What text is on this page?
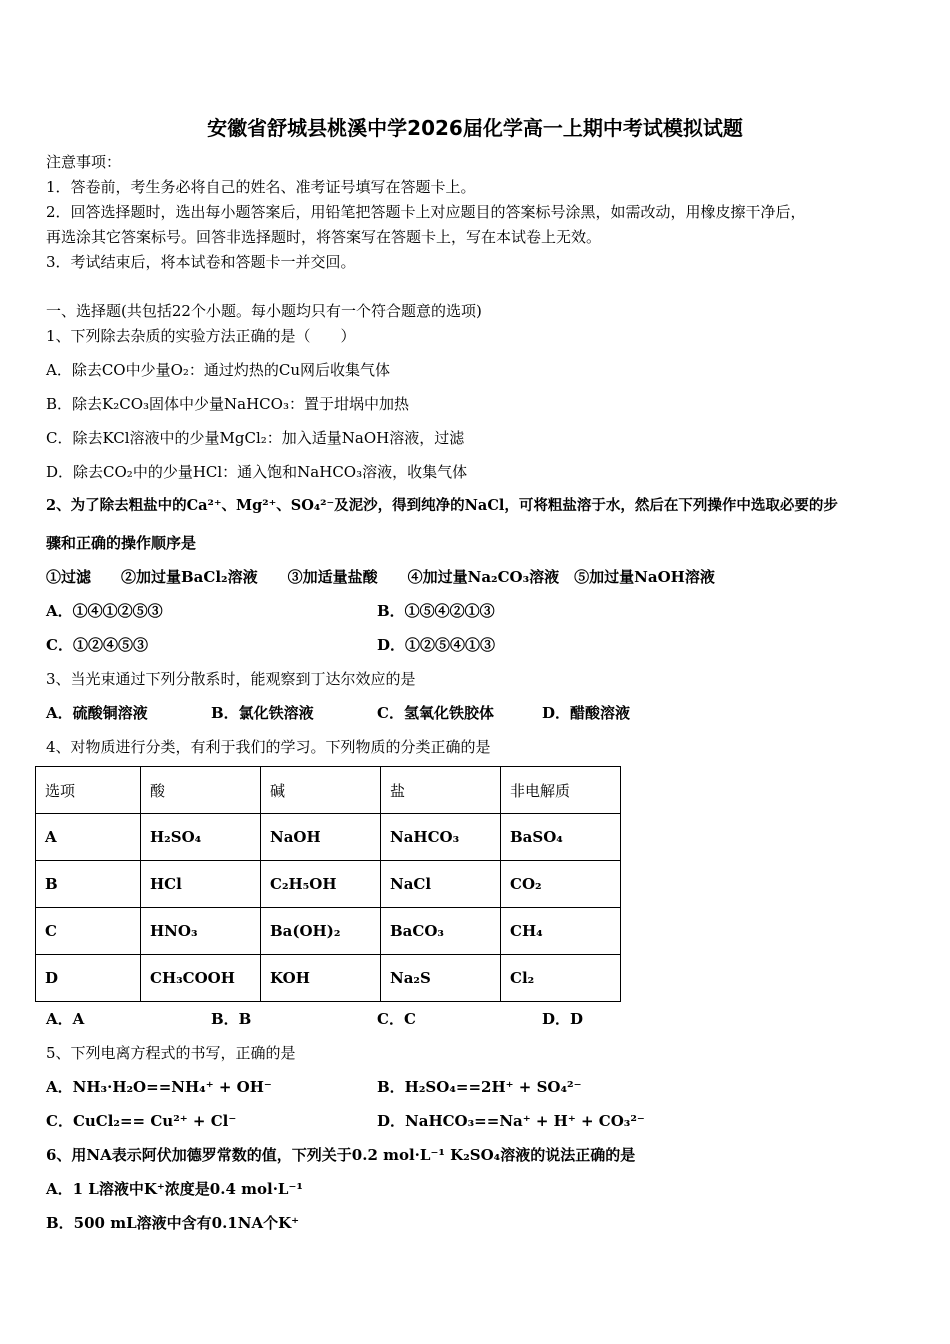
安徽省舒城县桃溪中学2026届化学高一上期中考试模拟试题
注意事项：
1．答卷前，考生务必将自己的姓名、准考证号填写在答题卡上。
2．回答选择题时，选出每小题答案后，用铅笔把答题卡上对应题目的答案标号涂黑，如需改动，用橡皮擦干净后，
再选涂其它答案标号。回答非选择题时，将答案写在答题卡上，写在本试卷上无效。
3．考试结束后，将本试卷和答题卡一并交回。
一、选择题(共包括22个小题。每小题均只有一个符合题意的选项)
1、下列除去杂质的实验方法正确的是（　　）
A．除去CO中少量O₂：通过灼热的Cu网后收集气体
B．除去K₂CO₃固体中少量NaHCO₃：置于坩埚中加热
C．除去KCl溶液中的少量MgCl₂：加入适量NaOH溶液，过滤
D．除去CO₂中的少量HCl：通入饱和NaHCO₃溶液，收集气体
2、为了除去粗盐中的Ca²⁺、Mg²⁺、SO₄²⁻及泥沙，得到纯净的NaCl，可将粗盐溶于水，然后在下列操作中选取必要的步
骤和正确的操作顺序是
①过滤　　②加过量BaCl₂溶液　　③加适量盐酸　　④加过量Na₂CO₃溶液　⑤加过量NaOH溶液
A．①④①②⑤③	B．①⑤④②①③
C．①②④⑤③	D．①②⑤④①③
3、当光束通过下列分散系时，能观察到丁达尔效应的是
A．硫酸铜溶液	B．氯化铁溶液	C．氢氧化铁胶体	D．醋酸溶液
4、对物质进行分类，有利于我们的学习。下列物质的分类正确的是
选项	酸	碱	盐	非电解质
A	H₂SO₄	NaOH	NaHCO₃	BaSO₄
B	HCl	C₂H₅OH	NaCl	CO₂
C	HNO₃	Ba(OH)₂	BaCO₃	CH₄
D	CH₃COOH	KOH	Na₂S	Cl₂
A．A	B．B	C．C	D．D
5、下列电离方程式的书写，正确的是
A．NH₃·H₂O==NH₄⁺ + OH⁻	B．H₂SO₄==2H⁺ + SO₄²⁻
C．CuCl₂== Cu²⁺ + Cl⁻	D．NaHCO₃==Na⁺ + H⁺ + CO₃²⁻
6、用NA表示阿伏加德罗常数的值，下列关于0.2 mol·L⁻¹ K₂SO₄溶液的说法正确的是
A．1 L溶液中K⁺浓度是0.4 mol·L⁻¹
B．500 mL溶液中含有0.1NA个K⁺
